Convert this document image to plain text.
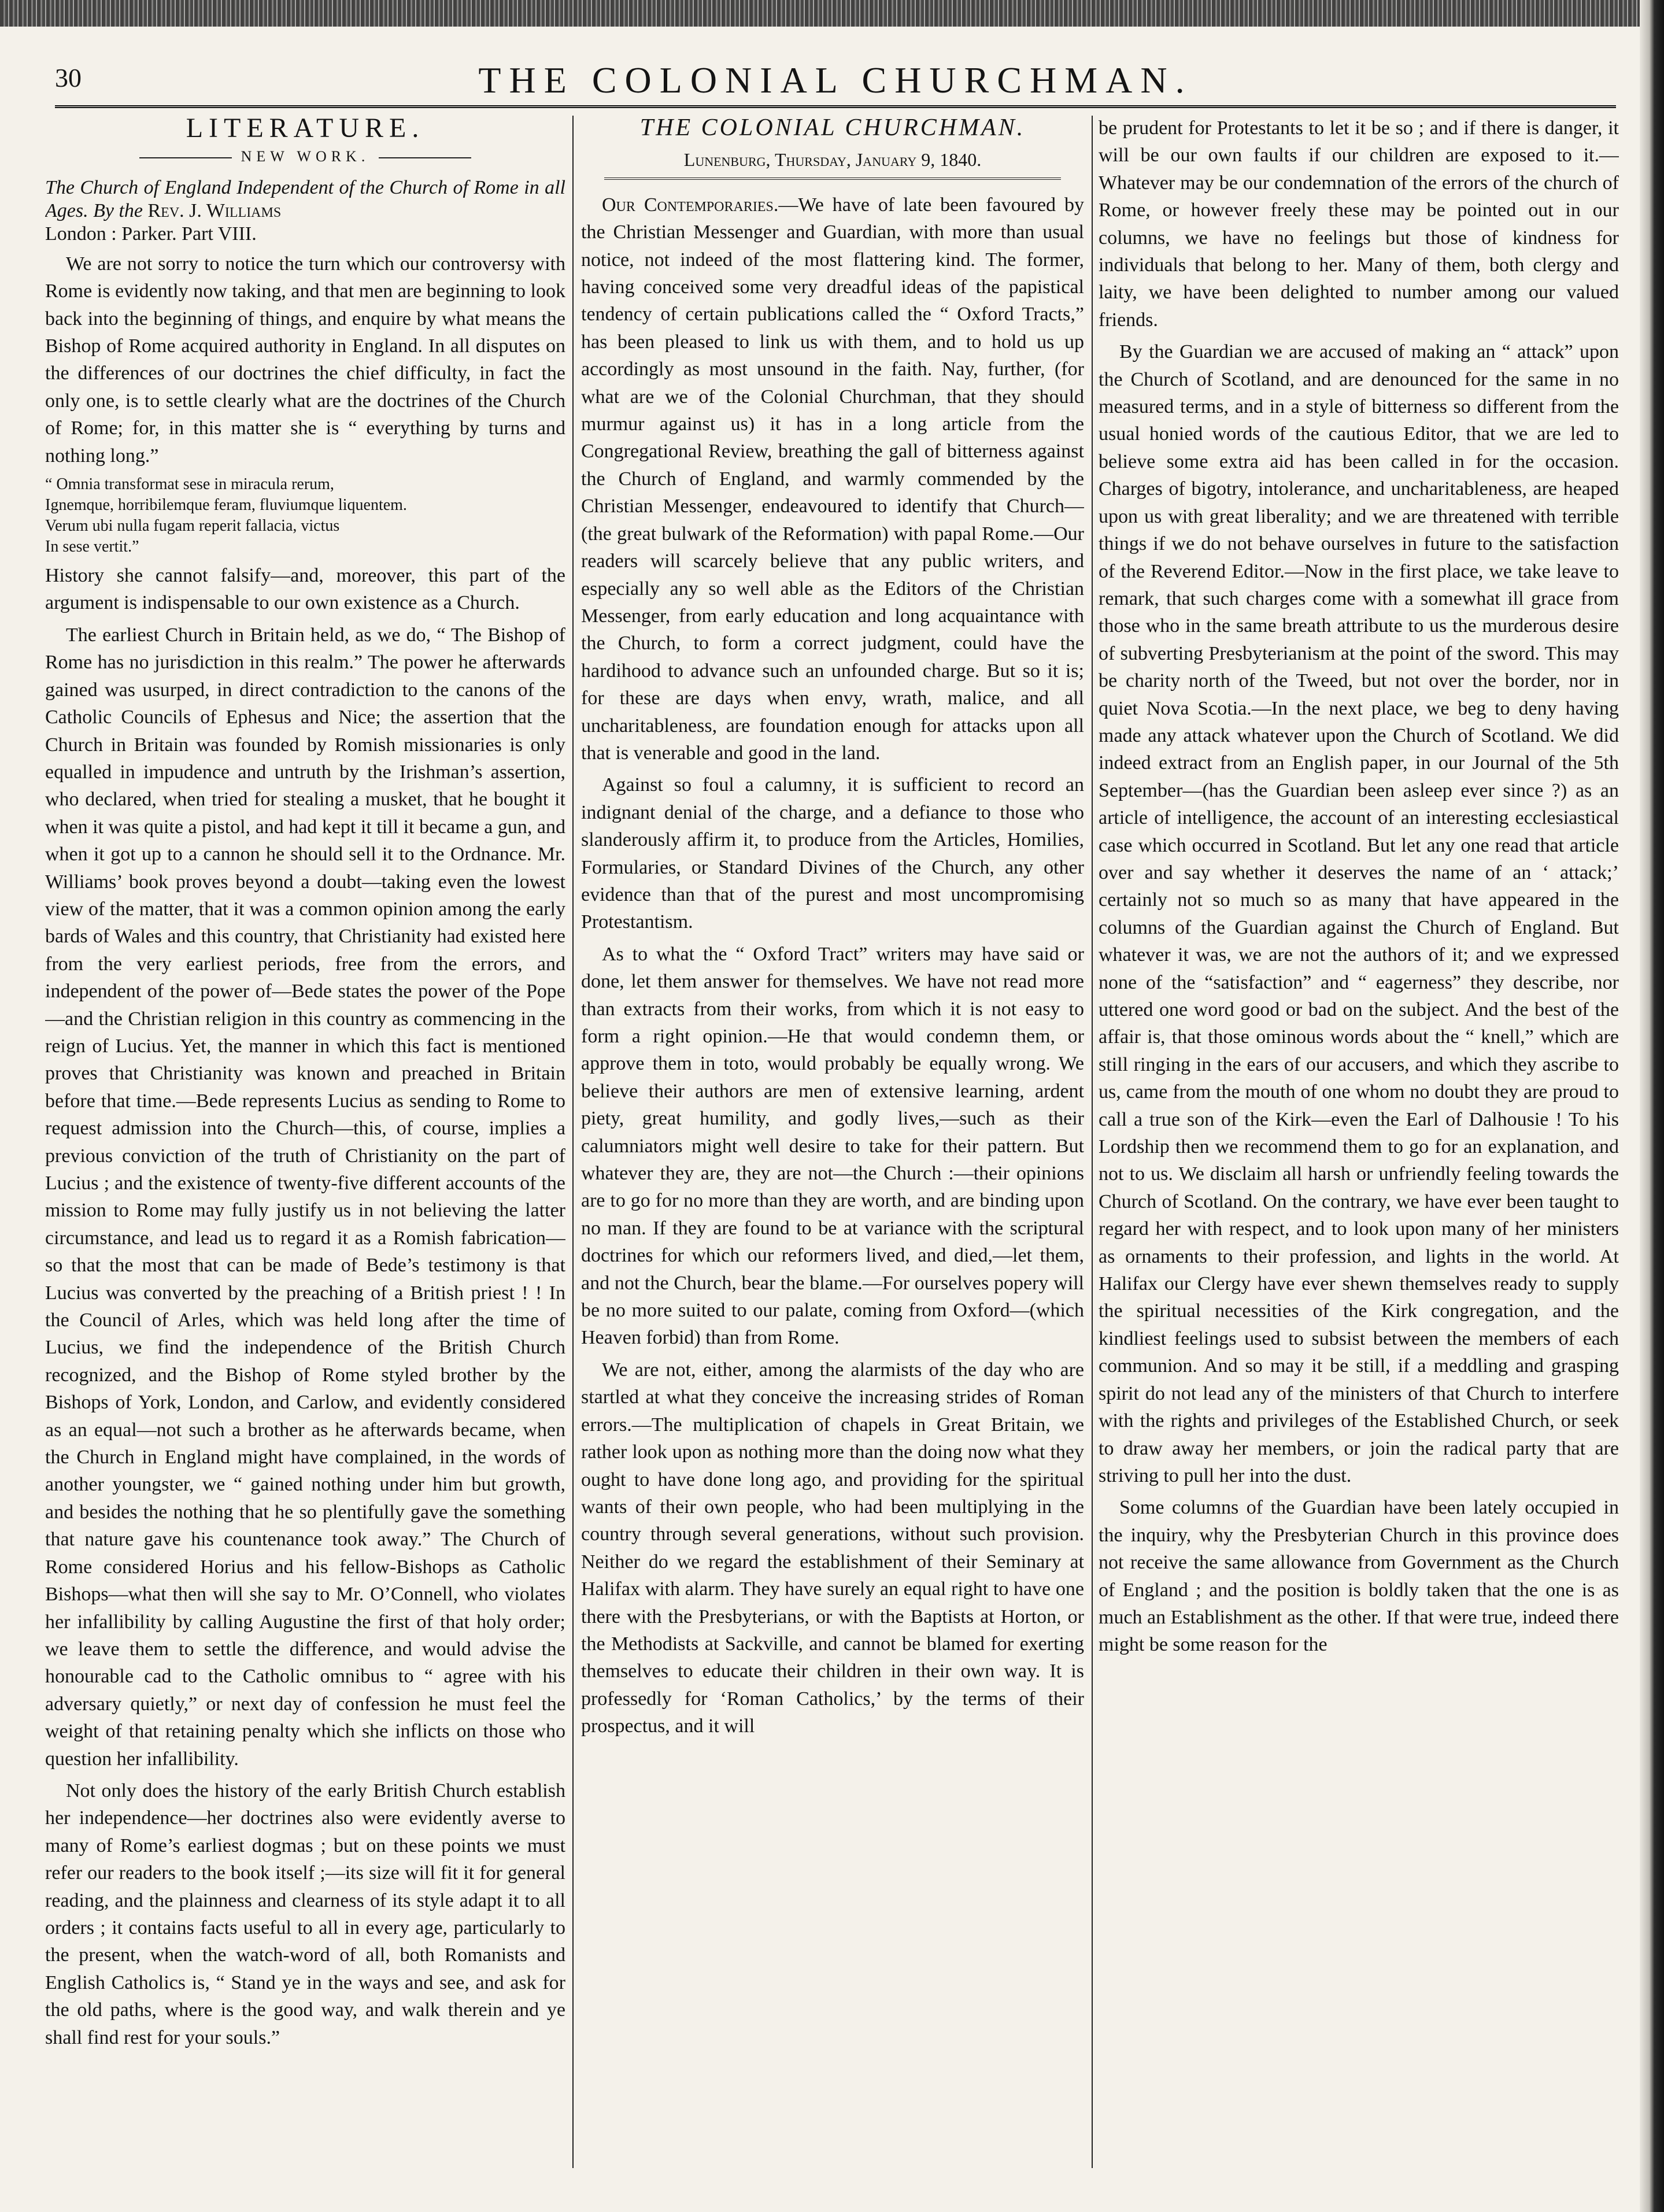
30	THE COLONIAL CHURCHMAN.
LITERATURE.
NEW WORK.
The Church of England Independent of the Church of Rome in all Ages. By the Rev. J. Williams
London : Parker. Part VIII.

We are not sorry to notice the turn which our controversy with Rome is evidently now taking, and that men are beginning to look back into the beginning of things, and enquire by what means the Bishop of Rome acquired authority in England. In all disputes on the differences of our doctrines the chief difficulty, in fact the only one, is to settle clearly what are the doctrines of the Church of Rome; for, in this matter she is “ everything by turns and nothing long.”

“ Omnia transformat sese in miracula rerum,
Ignemque, horribilemque feram, fluviumque liquentem.
Verum ubi nulla fugam reperit fallacia, victus
In sese vertit.”

History she cannot falsify—and, moreover, this part of the argument is indispensable to our own existence as a Church.

The earliest Church in Britain held, as we do, “ The Bishop of Rome has no jurisdiction in this realm.” The power he afterwards gained was usurped, in direct contradiction to the canons of the Catholic Councils of Ephesus and Nice; the assertion that the Church in Britain was founded by Romish missionaries is only equalled in impudence and untruth by the Irishman’s assertion, who declared, when tried for stealing a musket, that he bought it when it was quite a pistol, and had kept it till it became a gun, and when it got up to a cannon he should sell it to the Ordnance. Mr. Williams’ book proves beyond a doubt—taking even the lowest view of the matter, that it was a common opinion among the early bards of Wales and this country, that Christianity had existed here from the very earliest periods, free from the errors, and independent of the power of—Bede states the power of the Pope—and the Christian religion in this country as commencing in the reign of Lucius. Yet, the manner in which this fact is mentioned proves that Christianity was known and preached in Britain before that time.—Bede represents Lucius as sending to Rome to request admission into the Church—this, of course, implies a previous conviction of the truth of Christianity on the part of Lucius ; and the existence of twenty-five different accounts of the mission to Rome may fully justify us in not believing the latter circumstance, and lead us to regard it as a Romish fabrication—so that the most that can be made of Bede’s testimony is that Lucius was converted by the preaching of a British priest ! ! In the Council of Arles, which was held long after the time of Lucius, we find the independence of the British Church recognized, and the Bishop of Rome styled brother by the Bishops of York, London, and Carlow, and evidently considered as an equal—not such a brother as he afterwards became, when the Church in England might have complained, in the words of another youngster, we “ gained nothing under him but growth, and besides the nothing that he so plentifully gave the something that nature gave his countenance took away.” The Church of Rome considered Horius and his fellow-Bishops as Catholic Bishops—what then will she say to Mr. O’Connell, who violates her infallibility by calling Augustine the first of that holy order; we leave them to settle the difference, and would advise the honourable cad to the Catholic omnibus to “ agree with his adversary quietly,” or next day of confession he must feel the weight of that retaining penalty which she inflicts on those who question her infallibility.

Not only does the history of the early British Church establish her independence—her doctrines also were evidently averse to many of Rome’s earliest dogmas ; but on these points we must refer our readers to the book itself ;—its size will fit it for general reading, and the plainness and clearness of its style adapt it to all orders ; it contains facts useful to all in every age, particularly to the present, when the watch-word of all, both Romanists and English Catholics is, “ Stand ye in the ways and see, and ask for the old paths, where is the good way, and walk therein and ye shall find rest for your souls.”

THE COLONIAL CHURCHMAN.
Lunenburg, Thursday, January 9, 1840.

Our Contemporaries.—We have of late been favoured by the Christian Messenger and Guardian, with more than usual notice, not indeed of the most flattering kind. The former, having conceived some very dreadful ideas of the papistical tendency of certain publications called the “ Oxford Tracts,” has been pleased to link us with them, and to hold us up accordingly as most unsound in the faith. Nay, further, (for what are we of the Colonial Churchman, that they should murmur against us) it has in a long article from the Congregational Review, breathing the gall of bitterness against the Church of England, and warmly commended by the Christian Messenger, endeavoured to identify that Church—(the great bulwark of the Reformation) with papal Rome.—Our readers will scarcely believe that any public writers, and especially any so well able as the Editors of the Christian Messenger, from early education and long acquaintance with the Church, to form a correct judgment, could have the hardihood to advance such an unfounded charge. But so it is; for these are days when envy, wrath, malice, and all uncharitableness, are foundation enough for attacks upon all that is venerable and good in the land.

Against so foul a calumny, it is sufficient to record an indignant denial of the charge, and a defiance to those who slanderously affirm it, to produce from the Articles, Homilies, Formularies, or Standard Divines of the Church, any other evidence than that of the purest and most uncompromising Protestantism.

As to what the “ Oxford Tract” writers may have said or done, let them answer for themselves. We have not read more than extracts from their works, from which it is not easy to form a right opinion.—He that would condemn them, or approve them in toto, would probably be equally wrong. We believe their authors are men of extensive learning, ardent piety, great humility, and godly lives,—such as their calumniators might well desire to take for their pattern. But whatever they are, they are not—the Church :—their opinions are to go for no more than they are worth, and are binding upon no man. If they are found to be at variance with the scriptural doctrines for which our reformers lived, and died,—let them, and not the Church, bear the blame.—For ourselves popery will be no more suited to our palate, coming from Oxford—(which Heaven forbid) than from Rome.

We are not, either, among the alarmists of the day who are startled at what they conceive the increasing strides of Roman errors.—The multiplication of chapels in Great Britain, we rather look upon as nothing more than the doing now what they ought to have done long ago, and providing for the spiritual wants of their own people, who had been multiplying in the country through several generations, without such provision. Neither do we regard the establishment of their Seminary at Halifax with alarm. They have surely an equal right to have one there with the Presbyterians, or with the Baptists at Horton, or the Methodists at Sackville, and cannot be blamed for exerting themselves to educate their children in their own way. It is professedly for ‘Roman Catholics,’ by the terms of their prospectus, and it will

be prudent for Protestants to let it be so ; and if there is danger, it will be our own faults if our children are exposed to it.—Whatever may be our condemnation of the errors of the church of Rome, or however freely these may be pointed out in our columns, we have no feelings but those of kindness for individuals that belong to her. Many of them, both clergy and laity, we have been delighted to number among our valued friends.

By the Guardian we are accused of making an “ attack” upon the Church of Scotland, and are denounced for the same in no measured terms, and in a style of bitterness so different from the usual honied words of the cautious Editor, that we are led to believe some extra aid has been called in for the occasion. Charges of bigotry, intolerance, and uncharitableness, are heaped upon us with great liberality; and we are threatened with terrible things if we do not behave ourselves in future to the satisfaction of the Reverend Editor.—Now in the first place, we take leave to remark, that such charges come with a somewhat ill grace from those who in the same breath attribute to us the murderous desire of subverting Presbyterianism at the point of the sword. This may be charity north of the Tweed, but not over the border, nor in quiet Nova Scotia.—In the next place, we beg to deny having made any attack whatever upon the Church of Scotland. We did indeed extract from an English paper, in our Journal of the 5th September—(has the Guardian been asleep ever since ?) as an article of intelligence, the account of an interesting ecclesiastical case which occurred in Scotland. But let any one read that article over and say whether it deserves the name of an ‘ attack;’ certainly not so much so as many that have appeared in the columns of the Guardian against the Church of England. But whatever it was, we are not the authors of it; and we expressed none of the “satisfaction” and “ eagerness” they describe, nor uttered one word good or bad on the subject. And the best of the affair is, that those ominous words about the “ knell,” which are still ringing in the ears of our accusers, and which they ascribe to us, came from the mouth of one whom no doubt they are proud to call a true son of the Kirk—even the Earl of Dalhousie ! To his Lordship then we recommend them to go for an explanation, and not to us. We disclaim all harsh or unfriendly feeling towards the Church of Scotland. On the contrary, we have ever been taught to regard her with respect, and to look upon many of her ministers as ornaments to their profession, and lights in the world. At Halifax our Clergy have ever shewn themselves ready to supply the spiritual necessities of the Kirk congregation, and the kindliest feelings used to subsist between the members of each communion. And so may it be still, if a meddling and grasping spirit do not lead any of the ministers of that Church to interfere with the rights and privileges of the Established Church, or seek to draw away her members, or join the radical party that are striving to pull her into the dust.

Some columns of the Guardian have been lately occupied in the inquiry, why the Presbyterian Church in this province does not receive the same allowance from Government as the Church of England ; and the position is boldly taken that the one is as much an Establishment as the other. If that were true, indeed there might be some reason for the
